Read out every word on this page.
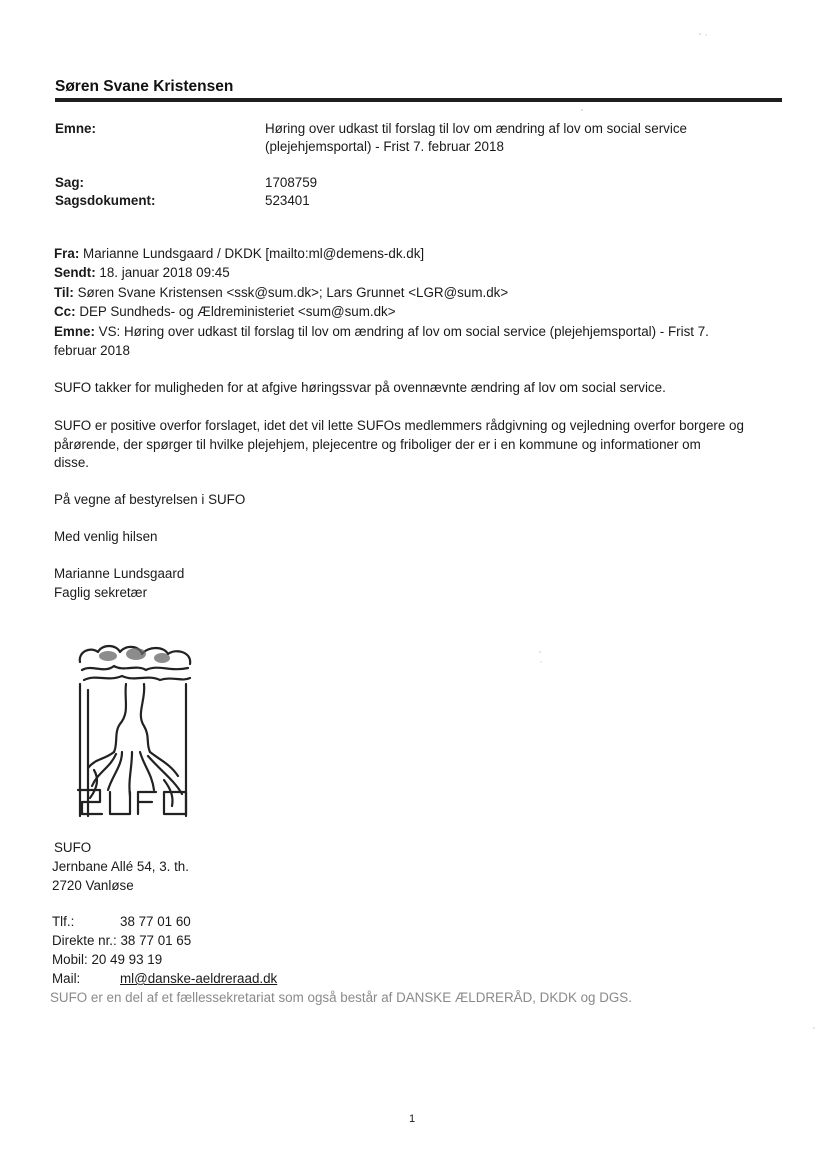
Søren Svane Kristensen
Emne:	Høring over udkast til forslag til lov om ændring af lov om social service
(plejehjemsportal) - Frist 7. februar 2018
Sag:	1708759
Sagsdokument:	523401
Fra: Marianne Lundsgaard / DKDK [mailto:ml@demens-dk.dk]
Sendt: 18. januar 2018 09:45
Til: Søren Svane Kristensen <ssk@sum.dk>; Lars Grunnet <LGR@sum.dk>
Cc: DEP Sundheds- og Ældreministeriet <sum@sum.dk>
Emne: VS: Høring over udkast til forslag til lov om ændring af lov om social service (plejehjemsportal) - Frist 7.
februar 2018
SUFO takker for muligheden for at afgive høringssvar på ovennævnte ændring af lov om social service.
SUFO er positive overfor forslaget, idet det vil lette SUFOs medlemmers rådgivning og vejledning overfor borgere og
pårørende, der spørger til hvilke plejehjem, plejecentre og friboliger der er i en kommune og informationer om
disse.
På vegne af bestyrelsen i SUFO
Med venlig hilsen
Marianne Lundsgaard
Faglig sekretær
SUFO
SUFO
Jernbane Allé 54, 3. th.
2720 Vanløse
Tlf.:	38 77 01 60
Direkte nr.: 38 77 01 65
Mobil: 20 49 93 19
Mail:	ml@danske-aeldreraad.dk
SUFO er en del af et fællessekretariat som også består af DANSKE ÆLDRERÅD, DKDK og DGS.
1
